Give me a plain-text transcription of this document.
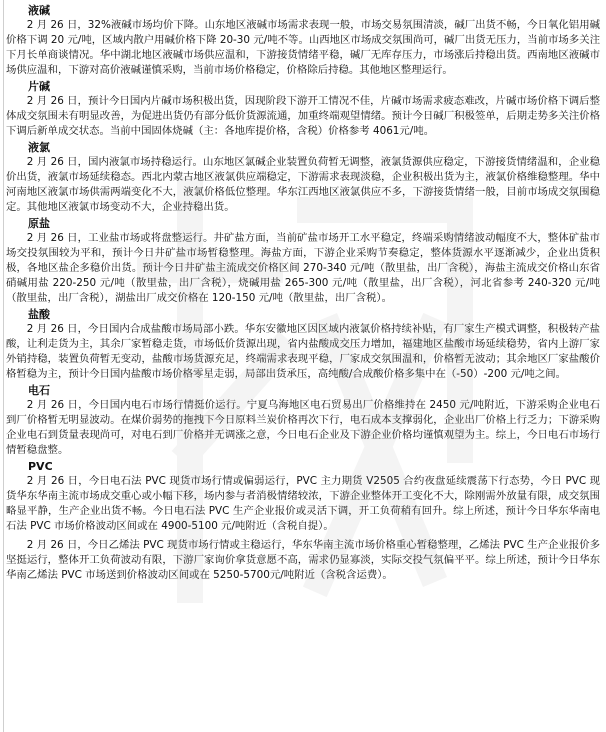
液碱

2 月 26 日，32%液碱市场均价下降。山东地区液碱市场需求表现一般，市场交易氛围清淡，碱厂出货不畅，今日氧化铝用碱价格下调 20 元/吨，区域内散户用碱价格下降 20-30 元/吨不等。山西地区市场成交氛围尚可，碱厂出货无压力，当前市场多关注下月长单商谈情况。华中湖北地区液碱市场供应温和，下游接货情绪平稳，碱厂无库存压力，市场涨后持稳出货。西南地区液碱市场供应温和，下游对高价液碱谨慎采购，当前市场价格稳定，价格除后持稳。其他地区整理运行。

片碱

2 月 26 日，预计今日国内片碱市场积极出货，因现阶段下游开工情况不佳，片碱市场需求疲态难改，片碱市场价格下调后整体成交氛围未有明显改善，为促进出货仍有部分低价货源流通，加重终端观望情绪。预计今日碱厂积极签单，后期走势多关注价格下调后新单成交状态。当前中国固体烧碱（主：各地库提价格，含税）价格参考 4061元/吨。

液氯

2 月 26 日，国内液氯市场持稳运行。山东地区氯碱企业装置负荷暂无调整，液氯货源供应稳定，下游接货情绪温和，企业稳价出货，液氯市场延续稳态。西北内蒙古地区液氯供应端稳定，下游需求表现淡稳，企业积极出货为主，液氯价格维稳整理。华中河南地区液氯市场供需两端变化不大，液氯价格低位整理。华东江西地区液氯供应不多，下游接货情绪一般，目前市场成交氛围稳定。其他地区液氯市场变动不大，企业持稳出货。

原盐

2 月 26 日，工业盐市场或将盘整运行。井矿盐方面，当前矿盐市场开工水平稳定，终端采购情绪波动幅度不大，整体矿盐市场交投氛围较为平和，预计今日井矿盐市场暂稳整理。海盐方面，下游企业采购节奏稳定，整体货源水平逐渐减少，企业出货积极，各地区盐企多稳价出货。预计今日井矿盐主流成交价格区间 270-340 元/吨（散里盐，出厂含税），海盐主流成交价格山东省硝碱用盐 220-250 元/吨（散里盐，出厂含税），烧碱用盐 265-300 元/吨（散里盐，出厂含税），河北省参考 240-320 元/吨（散里盐，出厂含税），湖盐出厂成交价格在 120-150 元/吨（散里盐，出厂含税）。

盐酸

2 月 26 日，今日国内合成盐酸市场局部小跌。华东安徽地区因区域内液氯价格持续补贴，有厂家生产模式调整，积极转产盐酸，让利走货为主，其余厂家暂稳走货，市场低价货源出现，省内盐酸成交压力增加，福建地区盐酸市场延续稳势，省内上游厂家外销持稳，装置负荷暂无变动，盐酸市场货源充足，终端需求表现平稳，厂家成交氛围温和，价格暂无波动；其余地区厂家盐酸价格暂稳为主，预计今日国内盐酸市场价格零星走弱，局部出货承压，高纯酸/合成酸价格多集中在（-50）-200 元/吨之间。

电石

2 月 26 日，今日国内电石市场行情挺价运行。宁夏乌海地区电石贸易出厂价格维持在 2450 元/吨附近，下游采购企业电石到厂价格暂无明显波动。在煤价弱势的拖拽下今日原料兰炭价格再次下行，电石成本支撑弱化，企业出厂价格上行乏力；下游采购企业电石到货量表现尚可，对电石到厂价格并无调涨之意，今日电石企业及下游企业价格均谨慎观望为主。综上，今日电石市场行情暂稳盘整。

PVC

2 月 26 日，今日电石法 PVC 现货市场行情或偏弱运行，PVC 主力期货 V2505 合约夜盘延续震荡下行态势，今日 PVC 现货华东华南主流市场成交重心或小幅下移，场内参与者消极情绪较浓，下游企业整体开工变化不大，除刚需外放量有限，成交氛围略显平静，生产企业出货不畅。今日电石法 PVC 生产企业报价或灵活下调，开工负荷稍有回升。综上所述，预计今日华东华南电石法 PVC 市场价格波动区间或在 4900-5100 元/吨附近（含税自提）。

2 月 26 日，今日乙烯法 PVC 现货市场行情或主稳运行，华东华南主流市场价格重心暂稳整理，乙烯法 PVC 生产企业报价多坚挺运行，整体开工负荷波动有限，下游厂家询价拿货意愿不高，需求仍显寡淡，实际交投气氛偏平平。综上所述，预计今日华东华南乙烯法 PVC 市场送到价格波动区间或在 5250-5700元/吨附近（含税含运费）。
